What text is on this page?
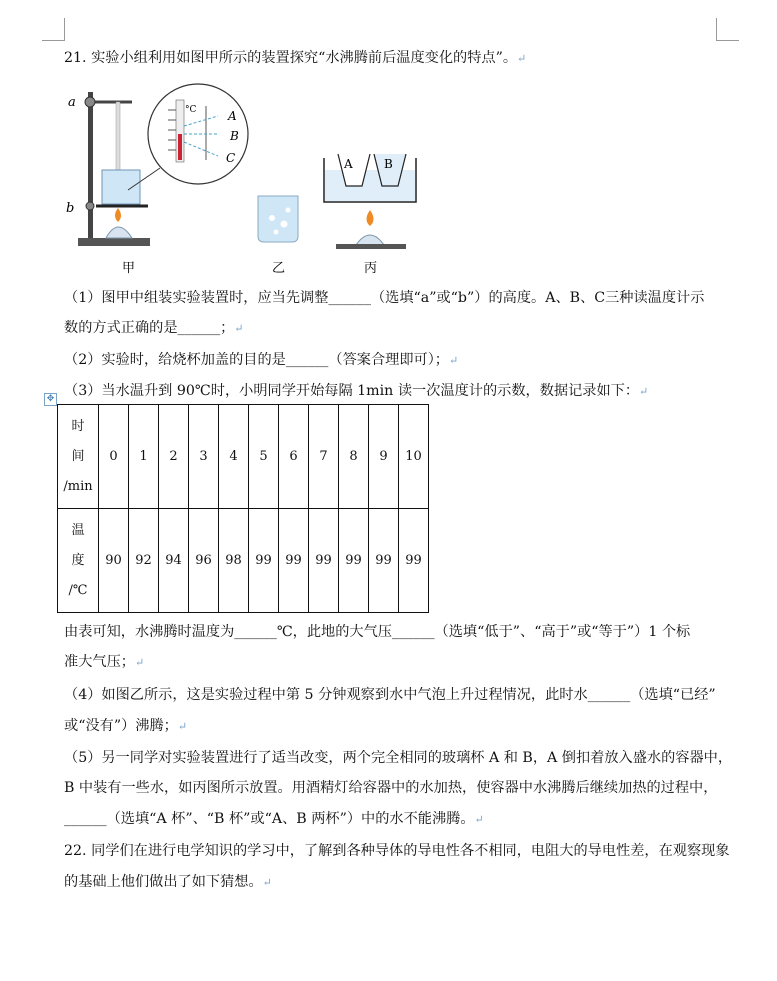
21. 实验小组利用如图甲所示的装置探究“水沸腾前后温度变化的特点”。↵
a
b
°C	A
B
C	A	B
甲	乙	丙
（1）图甲中组装实验装置时，应当先调整______（选填“a”或“b”）的高度。A、B、C三种读温度计示
数的方式正确的是______；↵
（2）实验时，给烧杯加盖的目的是______（答案合理即可）；↵
（3）当水温升到 90℃时，小明同学开始每隔 1min 读一次温度计的示数，数据记录如下：↵
✥
时
间
/min	0	1	2	3	4	5	6	7	8	9	10

温
度
/℃	90	92	94	96	98	99	99	99	99	99	99
由表可知，水沸腾时温度为______℃，此地的大气压______（选填“低于”、“高于”或“等于”）1 个标
准大气压；↵
（4）如图乙所示，这是实验过程中第 5 分钟观察到水中气泡上升过程情况，此时水______（选填“已经”
或“没有”）沸腾；↵
（5）另一同学对实验装置进行了适当改变，两个完全相同的玻璃杯 A 和 B，A 倒扣着放入盛水的容器中，
B 中装有一些水，如丙图所示放置。用酒精灯给容器中的水加热，使容器中水沸腾后继续加热的过程中，
______（选填“A 杯”、“B 杯”或“A、B 两杯”）中的水不能沸腾。↵
22. 同学们在进行电学知识的学习中，了解到各种导体的导电性各不相同，电阻大的导电性差，在观察现象
的基础上他们做出了如下猜想。↵
